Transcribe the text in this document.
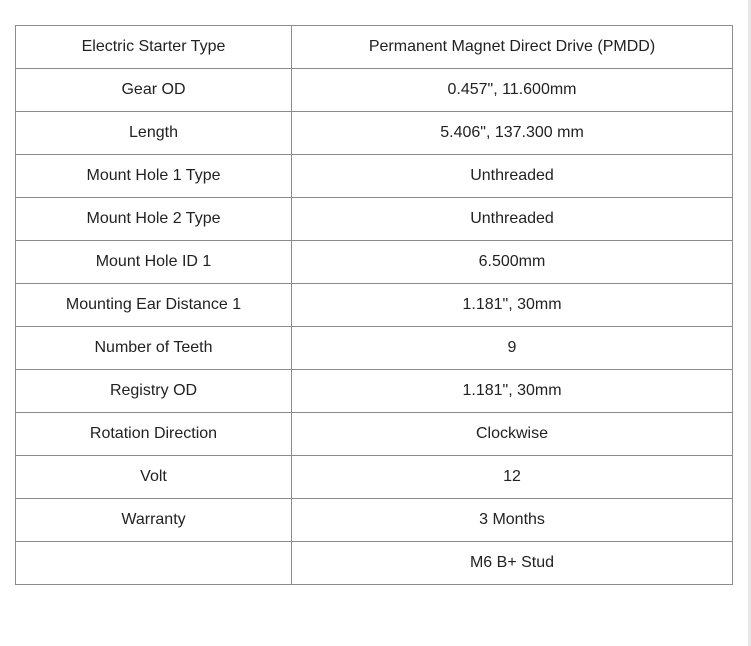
Electric Starter Type	Permanent Magnet Direct Drive (PMDD)
Gear OD	0.457", 11.600mm
Length	5.406", 137.300 mm
Mount Hole 1 Type	Unthreaded
Mount Hole 2 Type	Unthreaded
Mount Hole ID 1	6.500mm
Mounting Ear Distance 1	1.181", 30mm
Number of Teeth	9
Registry OD	1.181", 30mm
Rotation Direction	Clockwise
Volt	12
Warranty	3 Months
	M6 B+ Stud
